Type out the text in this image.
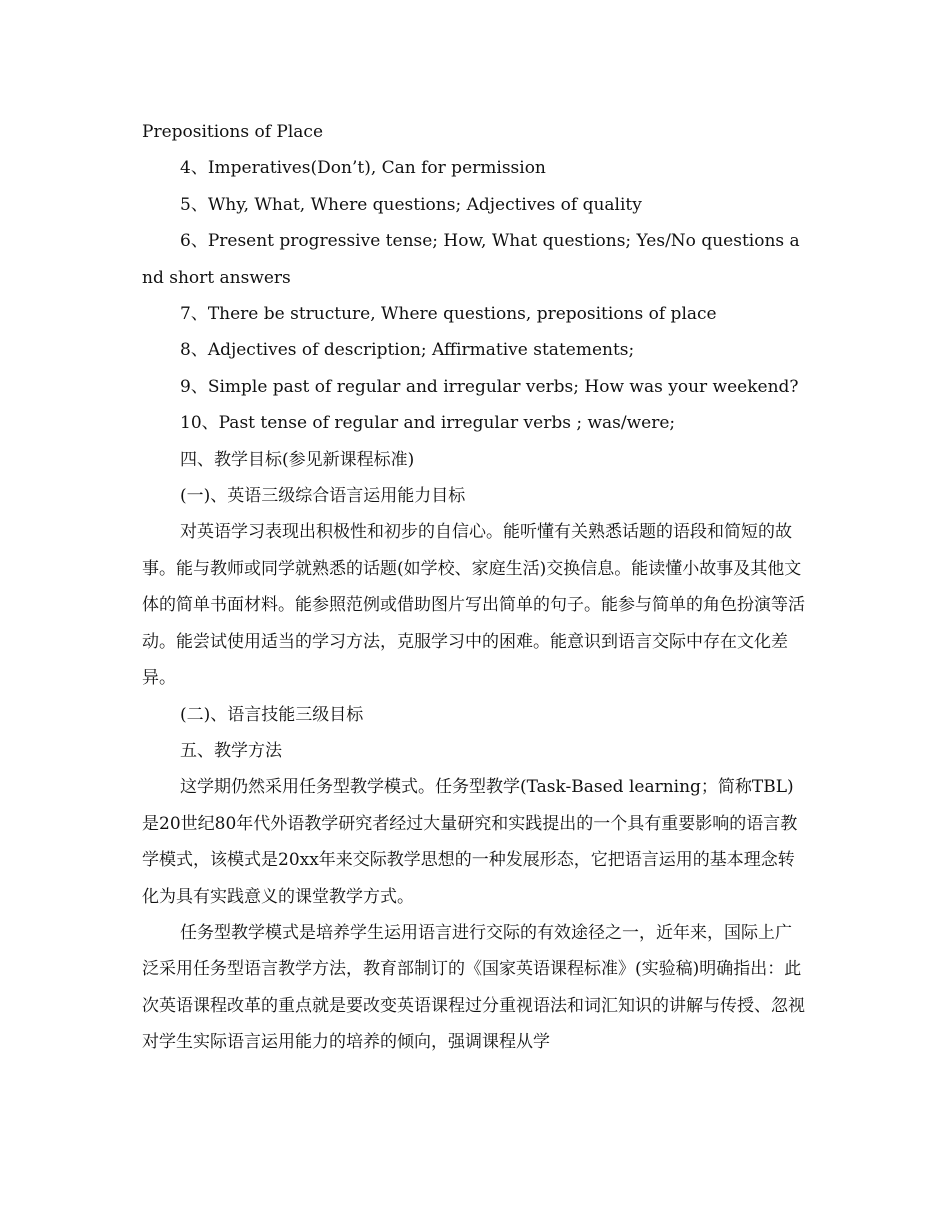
Prepositions of Place

4、Imperatives(Don’t), Can for permission

5、Why, What, Where questions; Adjectives of quality

6、Present progressive tense; How, What questions; Yes/No questions and short answers

7、There be structure, Where questions, prepositions of place

8、Adjectives of description; Affirmative statements;

9、Simple past of regular and irregular verbs; How was your weekend?

10、Past tense of regular and irregular verbs ; was/were;

四、教学目标(参见新课程标准)

(一)、英语三级综合语言运用能力目标

对英语学习表现出积极性和初步的自信心。能听懂有关熟悉话题的语段和简短的故事。能与教师或同学就熟悉的话题(如学校、家庭生活)交换信息。能读懂小故事及其他文体的简单书面材料。能参照范例或借助图片写出简单的句子。能参与简单的角色扮演等活动。能尝试使用适当的学习方法，克服学习中的困难。能意识到语言交际中存在文化差异。

(二)、语言技能三级目标

五、教学方法

这学期仍然采用任务型教学模式。任务型教学(Task-Based learning；简称TBL)是20世纪80年代外语教学研究者经过大量研究和实践提出的一个具有重要影响的语言教学模式，该模式是20xx年来交际教学思想的一种发展形态，它把语言运用的基本理念转化为具有实践意义的课堂教学方式。

任务型教学模式是培养学生运用语言进行交际的有效途径之一，近年来，国际上广泛采用任务型语言教学方法，教育部制订的《国家英语课程标准》(实验稿)明确指出：此次英语课程改革的重点就是要改变英语课程过分重视语法和词汇知识的讲解与传授、忽视对学生实际语言运用能力的培养的倾向，强调课程从学
